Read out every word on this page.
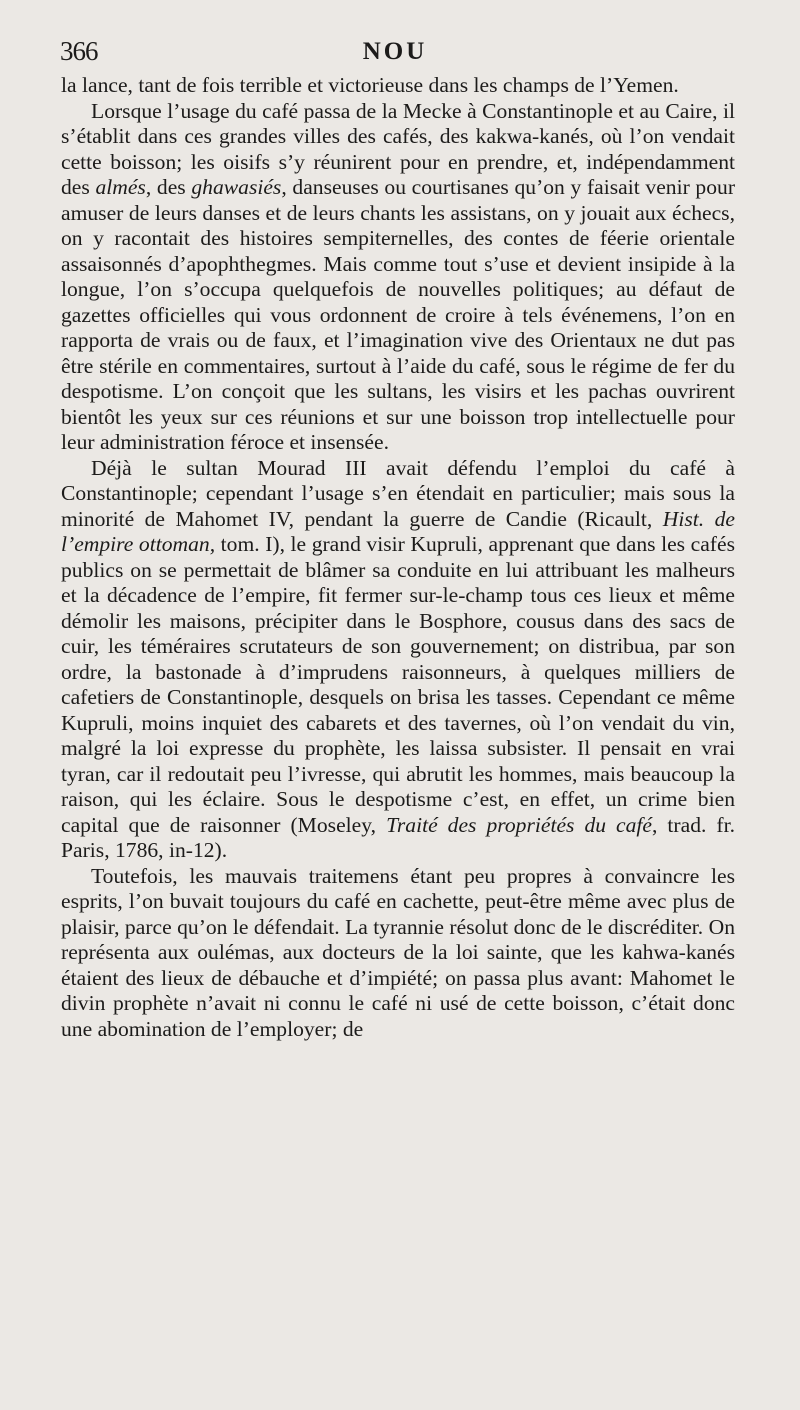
366	NOU

la lance, tant de fois terrible et victorieuse dans les champs de l’Yemen.

Lorsque l’usage du café passa de la Mecke à Constantinople et au Caire, il s’établit dans ces grandes villes des cafés, des kakwa-kanés, où l’on vendait cette boisson; les oisifs s’y réunirent pour en prendre, et, indépendamment des almés, des ghawasiés, danseuses ou courtisanes qu’on y faisait venir pour amuser de leurs danses et de leurs chants les assistans, on y jouait aux échecs, on y racontait des histoires sempiternelles, des contes de féerie orientale assaisonnés d’apophthegmes. Mais comme tout s’use et devient insipide à la longue, l’on s’occupa quelquefois de nouvelles politiques; au défaut de gazettes officielles qui vous ordonnent de croire à tels événemens, l’on en rapporta de vrais ou de faux, et l’imagination vive des Orientaux ne dut pas être stérile en commentaires, surtout à l’aide du café, sous le régime de fer du despotisme. L’on conçoit que les sultans, les visirs et les pachas ouvrirent bientôt les yeux sur ces réunions et sur une boisson trop intellectuelle pour leur administration féroce et insensée.

Déjà le sultan Mourad III avait défendu l’emploi du café à Constantinople; cependant l’usage s’en étendait en particulier; mais sous la minorité de Mahomet IV, pendant la guerre de Candie (Ricault, Hist. de l’empire ottoman, tom. I), le grand visir Kupruli, apprenant que dans les cafés publics on se permettait de blâmer sa conduite en lui attribuant les malheurs et la décadence de l’empire, fit fermer sur-le-champ tous ces lieux et même démolir les maisons, précipiter dans le Bosphore, cousus dans des sacs de cuir, les téméraires scrutateurs de son gouvernement; on distribua, par son ordre, la bastonade à d’imprudens raisonneurs, à quelques milliers de cafetiers de Constantinople, desquels on brisa les tasses. Cependant ce même Kupruli, moins inquiet des cabarets et des tavernes, où l’on vendait du vin, malgré la loi expresse du prophète, les laissa subsister. Il pensait en vrai tyran, car il redoutait peu l’ivresse, qui abrutit les hommes, mais beaucoup la raison, qui les éclaire. Sous le despotisme c’est, en effet, un crime bien capital que de raisonner (Moseley, Traité des propriétés du café, trad. fr. Paris, 1786, in-12).

Toutefois, les mauvais traitemens étant peu propres à convaincre les esprits, l’on buvait toujours du café en cachette, peut-être même avec plus de plaisir, parce qu’on le défendait. La tyrannie résolut donc de le discréditer. On représenta aux oulémas, aux docteurs de la loi sainte, que les kahwa-kanés étaient des lieux de débauche et d’impiété; on passa plus avant: Mahomet le divin prophète n’avait ni connu le café ni usé de cette boisson, c’était donc une abomination de l’employer; de
